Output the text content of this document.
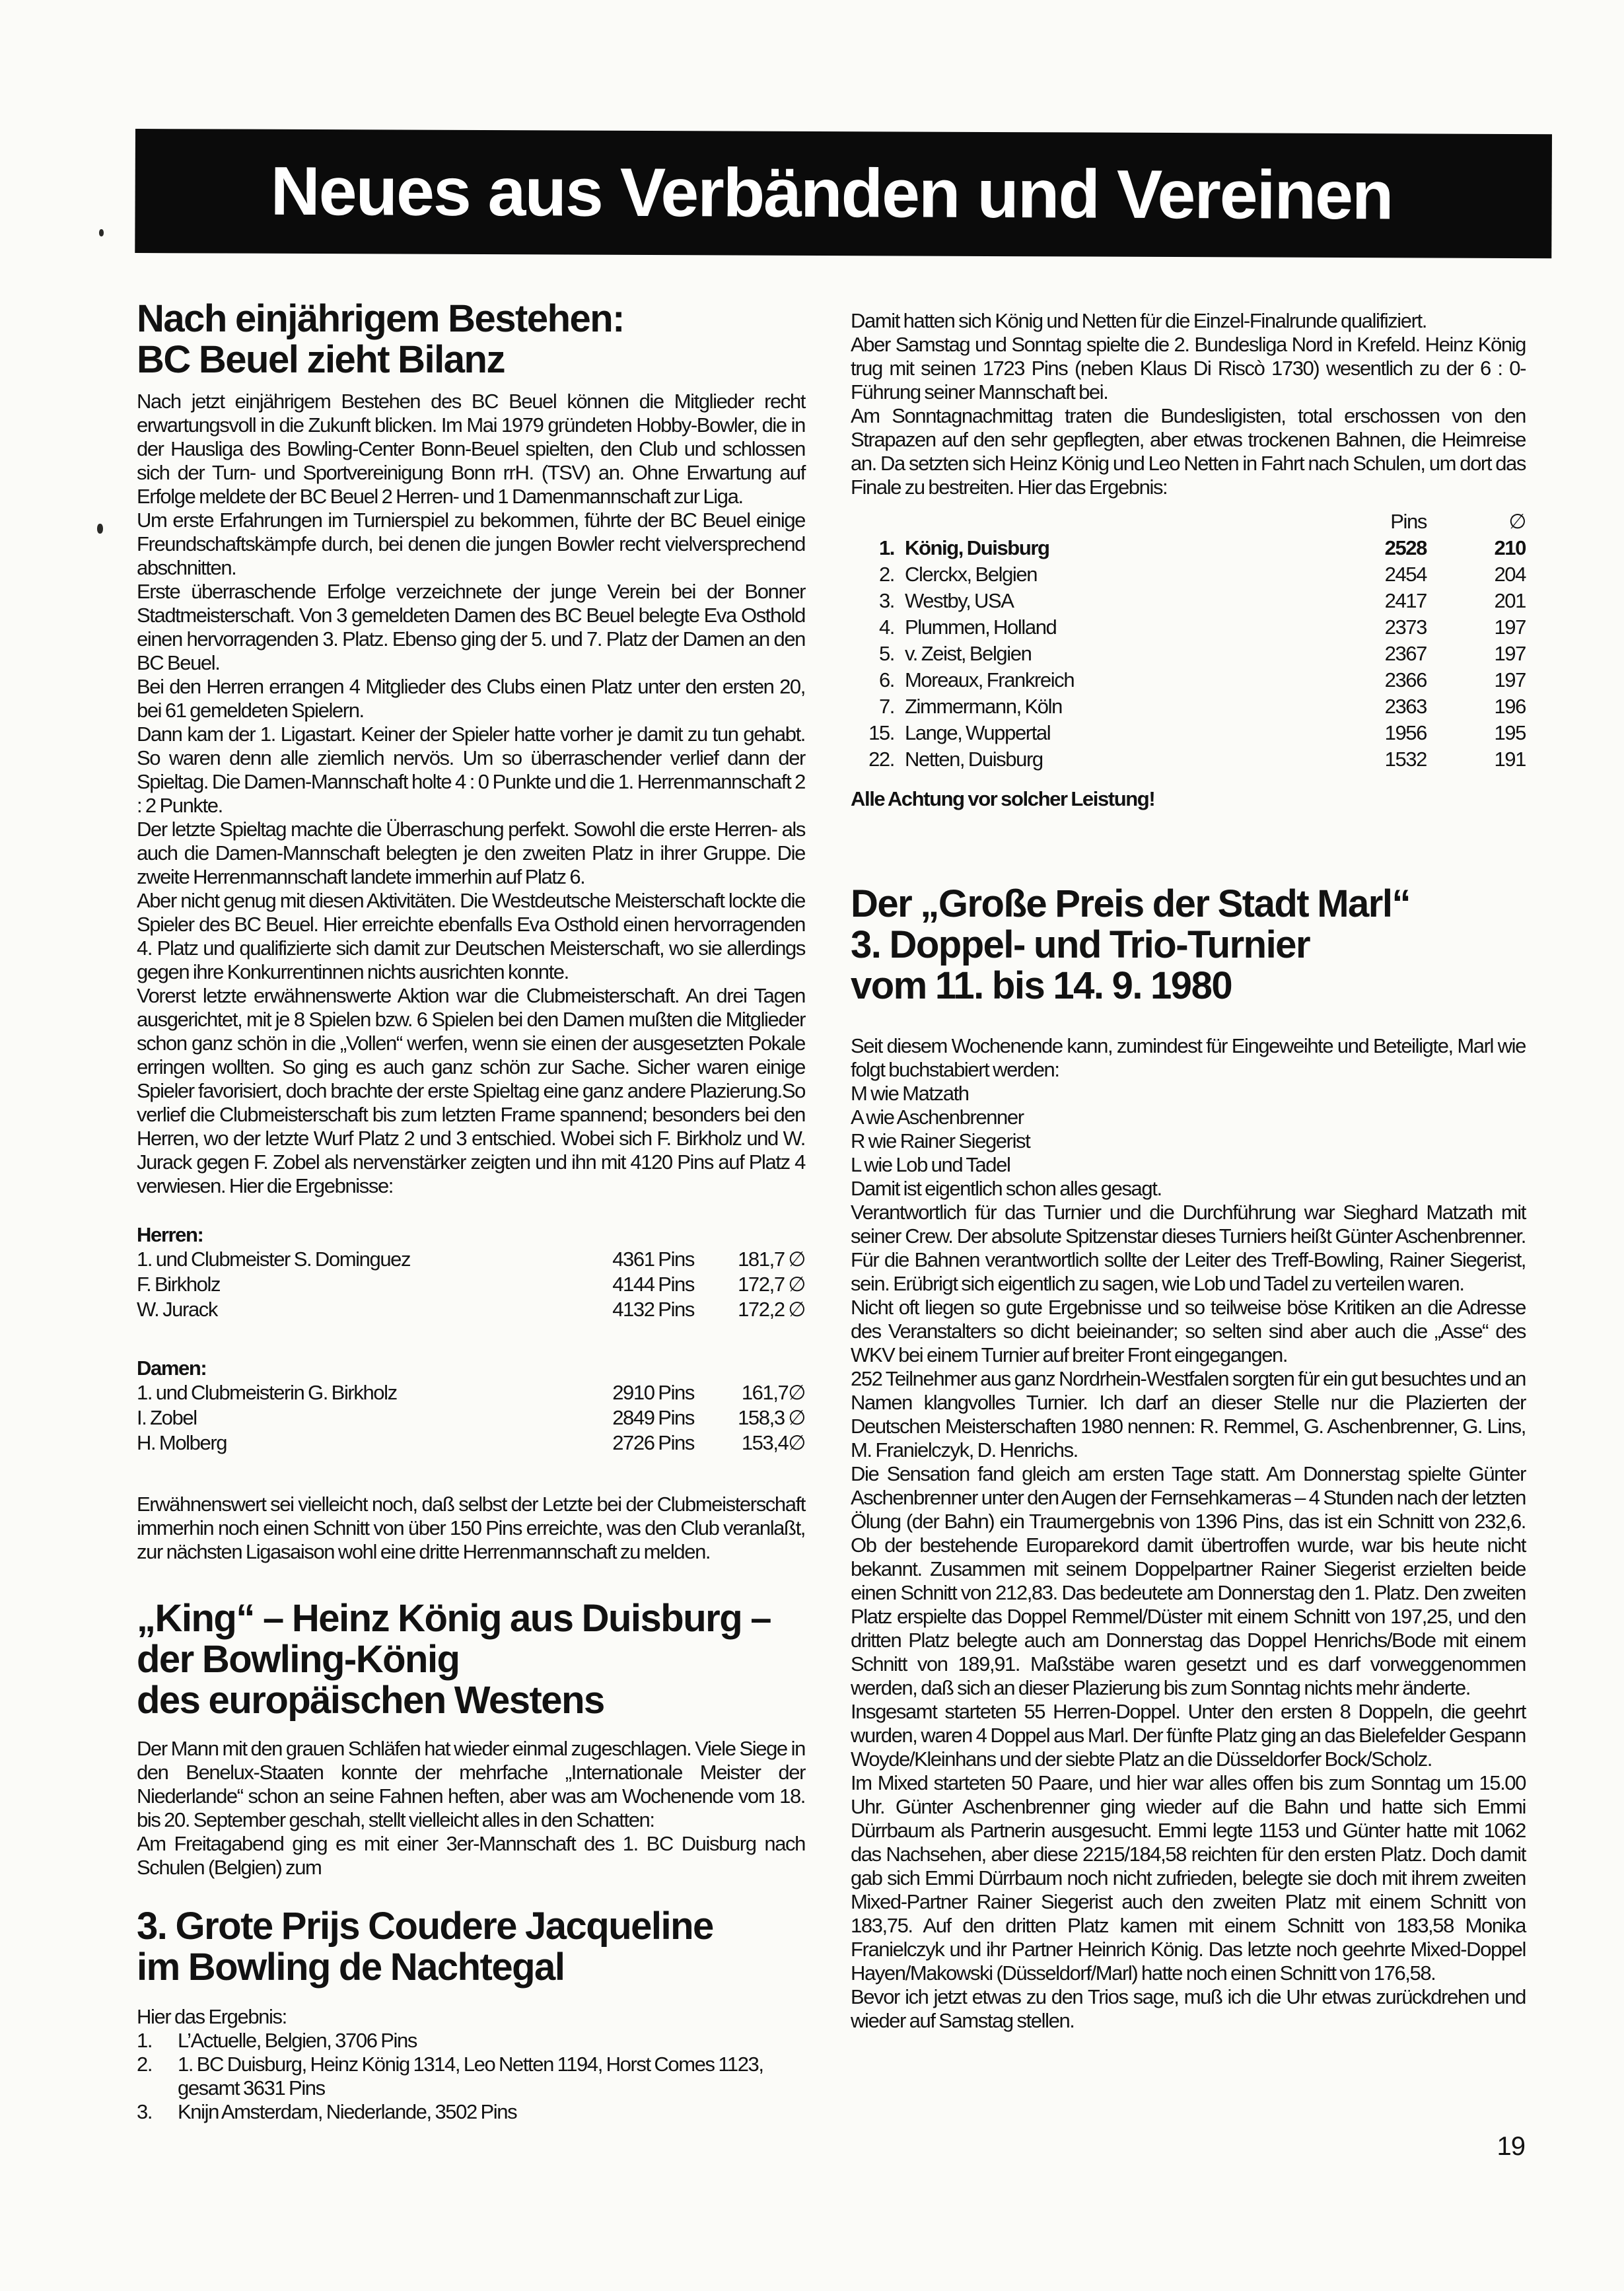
Neues aus Verbänden und Vereinen
Nach einjährigem Bestehen:
BC Beuel zieht Bilanz

Nach jetzt einjährigem Bestehen des BC Beuel können die Mitglieder recht erwartungsvoll in die Zukunft blicken. Im Mai 1979 gründeten Hobby-Bowler, die in der Hausliga des Bowling-Center Bonn-Beuel spielten, den Club und schlossen sich der Turn- und Sportvereinigung Bonn rrH. (TSV) an. Ohne Erwartung auf Erfolge meldete der BC Beuel 2 Herren- und 1 Damenmannschaft zur Liga.

Um erste Erfahrungen im Turnierspiel zu bekommen, führte der BC Beuel einige Freundschaftskämpfe durch, bei denen die jungen Bowler recht vielversprechend abschnitten.

Erste überraschende Erfolge verzeichnete der junge Verein bei der Bonner Stadtmeisterschaft. Von 3 gemeldeten Damen des BC Beuel belegte Eva Osthold einen hervorragenden 3. Platz. Ebenso ging der 5. und 7. Platz der Damen an den BC Beuel.

Bei den Herren errangen 4 Mitglieder des Clubs einen Platz unter den ersten 20, bei 61 gemeldeten Spielern.

Dann kam der 1. Ligastart. Keiner der Spieler hatte vorher je damit zu tun gehabt. So waren denn alle ziemlich nervös. Um so überraschender verlief dann der Spieltag. Die Damen-Mannschaft holte 4 : 0 Punkte und die 1. Herrenmannschaft 2 : 2 Punkte.

Der letzte Spieltag machte die Überraschung perfekt. Sowohl die erste Herren- als auch die Damen-Mannschaft belegten je den zweiten Platz in ihrer Gruppe. Die zweite Herrenmannschaft landete immerhin auf Platz 6.

Aber nicht genug mit diesen Aktivitäten. Die Westdeutsche Meisterschaft lockte die Spieler des BC Beuel. Hier erreichte ebenfalls Eva Osthold einen hervorragenden 4. Platz und qualifizierte sich damit zur Deutschen Meisterschaft, wo sie allerdings gegen ihre Konkurrentinnen nichts ausrichten konnte.

Vorerst letzte erwähnenswerte Aktion war die Clubmeisterschaft. An drei Tagen ausgerichtet, mit je 8 Spielen bzw. 6 Spielen bei den Damen mußten die Mitglieder schon ganz schön in die „Vollen“ werfen, wenn sie einen der ausgesetzten Pokale erringen wollten. So ging es auch ganz schön zur Sache. Sicher waren einige Spieler favorisiert, doch brachte der erste Spieltag eine ganz andere Plazierung.So verlief die Clubmeisterschaft bis zum letzten Frame spannend; besonders bei den Herren, wo der letzte Wurf Platz 2 und 3 entschied. Wobei sich F. Birkholz und W. Jurack gegen F. Zobel als nervenstärker zeigten und ihn mit 4120 Pins auf Platz 4 verwiesen. Hier die Ergebnisse:

Herren:
1. und Clubmeister S. Dominguez	4361 Pins	181,7 ∅
F. Birkholz	4144 Pins	172,7 ∅
W. Jurack	4132 Pins	172,2 ∅
Damen:
1. und Clubmeisterin G. Birkholz	2910 Pins	161,7∅
I. Zobel	2849 Pins	158,3 ∅
H. Molberg	2726 Pins	153,4∅

Erwähnenswert sei vielleicht noch, daß selbst der Letzte bei der Clubmeisterschaft immerhin noch einen Schnitt von über 150 Pins erreichte, was den Club veranlaßt, zur nächsten Ligasaison wohl eine dritte Herrenmannschaft zu melden.

„King“ – Heinz König aus Duisburg –
der Bowling-König
des europäischen Westens

Der Mann mit den grauen Schläfen hat wieder einmal zugeschlagen. Viele Siege in den Benelux-Staaten konnte der mehrfache „Internationale Meister der Niederlande“ schon an seine Fahnen heften, aber was am Wochenende vom 18. bis 20. September geschah, stellt vielleicht alles in den Schatten:

Am Freitagabend ging es mit einer 3er-Mannschaft des 1. BC Duisburg nach Schulen (Belgien) zum

3. Grote Prijs Coudere Jacqueline
im Bowling de Nachtegal

Hier das Ergebnis:

1. L’Actuelle, Belgien, 3706 Pins

2. 1. BC Duisburg, Heinz König 1314, Leo Netten 1194, Horst Comes 1123, gesamt 3631 Pins

3. Knijn Amsterdam, Niederlande, 3502 Pins

Damit hatten sich König und Netten für die Einzel-Finalrunde qualifiziert.

Aber Samstag und Sonntag spielte die 2. Bundesliga Nord in Krefeld. Heinz König trug mit seinen 1723 Pins (neben Klaus Di Riscò 1730) wesentlich zu der 6 : 0-Führung seiner Mannschaft bei.

Am Sonntagnachmittag traten die Bundesligisten, total erschossen von den Strapazen auf den sehr gepflegten, aber etwas trockenen Bahnen, die Heimreise an. Da setzten sich Heinz König und Leo Netten in Fahrt nach Schulen, um dort das Finale zu bestreiten. Hier das Ergebnis:

Pins	∅
1. König, Duisburg	2528	210
2. Clerckx, Belgien	2454	204
3. Westby, USA	2417	201
4. Plummen, Holland	2373	197
5. v. Zeist, Belgien	2367	197
6. Moreaux, Frankreich	2366	197
7. Zimmermann, Köln	2363	196
15. Lange, Wuppertal	1956	195
22. Netten, Duisburg	1532	191

Alle Achtung vor solcher Leistung!

Der „Große Preis der Stadt Marl“
3. Doppel- und Trio-Turnier
vom 11. bis 14. 9. 1980

Seit diesem Wochenende kann, zumindest für Eingeweihte und Beteiligte, Marl wie folgt buchstabiert werden:

M wie Matzath
A wie Aschenbrenner
R wie Rainer Siegerist
L wie Lob und Tadel
Damit ist eigentlich schon alles gesagt.

Verantwortlich für das Turnier und die Durchführung war Sieghard Matzath mit seiner Crew. Der absolute Spitzenstar dieses Turniers heißt Günter Aschenbrenner. Für die Bahnen verantwortlich sollte der Leiter des Treff-Bowling, Rainer Siegerist, sein. Erübrigt sich eigentlich zu sagen, wie Lob und Tadel zu verteilen waren.

Nicht oft liegen so gute Ergebnisse und so teilweise böse Kritiken an die Adresse des Veranstalters so dicht beieinander; so selten sind aber auch die „Asse“ des WKV bei einem Turnier auf breiter Front eingegangen.

252 Teilnehmer aus ganz Nordrhein-Westfalen sorgten für ein gut besuchtes und an Namen klangvolles Turnier. Ich darf an dieser Stelle nur die Plazierten der Deutschen Meisterschaften 1980 nennen: R. Remmel, G. Aschenbrenner, G. Lins, M. Franielczyk, D. Henrichs.

Die Sensation fand gleich am ersten Tage statt. Am Donnerstag spielte Günter Aschenbrenner unter den Augen der Fernsehkameras – 4 Stunden nach der letzten Ölung (der Bahn) ein Traumergebnis von 1396 Pins, das ist ein Schnitt von 232,6. Ob der bestehende Europarekord damit übertroffen wurde, war bis heute nicht bekannt. Zusammen mit seinem Doppelpartner Rainer Siegerist erzielten beide einen Schnitt von 212,83. Das bedeutete am Donnerstag den 1. Platz. Den zweiten Platz erspielte das Doppel Remmel/Düster mit einem Schnitt von 197,25, und den dritten Platz belegte auch am Donnerstag das Doppel Henrichs/Bode mit einem Schnitt von 189,91. Maßstäbe waren gesetzt und es darf vorweggenommen werden, daß sich an dieser Plazierung bis zum Sonntag nichts mehr änderte.

Insgesamt starteten 55 Herren-Doppel. Unter den ersten 8 Doppeln, die geehrt wurden, waren 4 Doppel aus Marl. Der fünfte Platz ging an das Bielefelder Gespann Woyde/Kleinhans und der siebte Platz an die Düsseldorfer Bock/Scholz.

Im Mixed starteten 50 Paare, und hier war alles offen bis zum Sonntag um 15.00 Uhr. Günter Aschenbrenner ging wieder auf die Bahn und hatte sich Emmi Dürrbaum als Partnerin ausgesucht. Emmi legte 1153 und Günter hatte mit 1062 das Nachsehen, aber diese 2215/184,58 reichten für den ersten Platz. Doch damit gab sich Emmi Dürrbaum noch nicht zufrieden, belegte sie doch mit ihrem zweiten Mixed-Partner Rainer Siegerist auch den zweiten Platz mit einem Schnitt von 183,75. Auf den dritten Platz kamen mit einem Schnitt von 183,58 Monika Franielczyk und ihr Partner Heinrich König. Das letzte noch geehrte Mixed-Doppel Hayen/Makowski (Düsseldorf/Marl) hatte noch einen Schnitt von 176,58.

Bevor ich jetzt etwas zu den Trios sage, muß ich die Uhr etwas zurückdrehen und wieder auf Samstag stellen.

19
